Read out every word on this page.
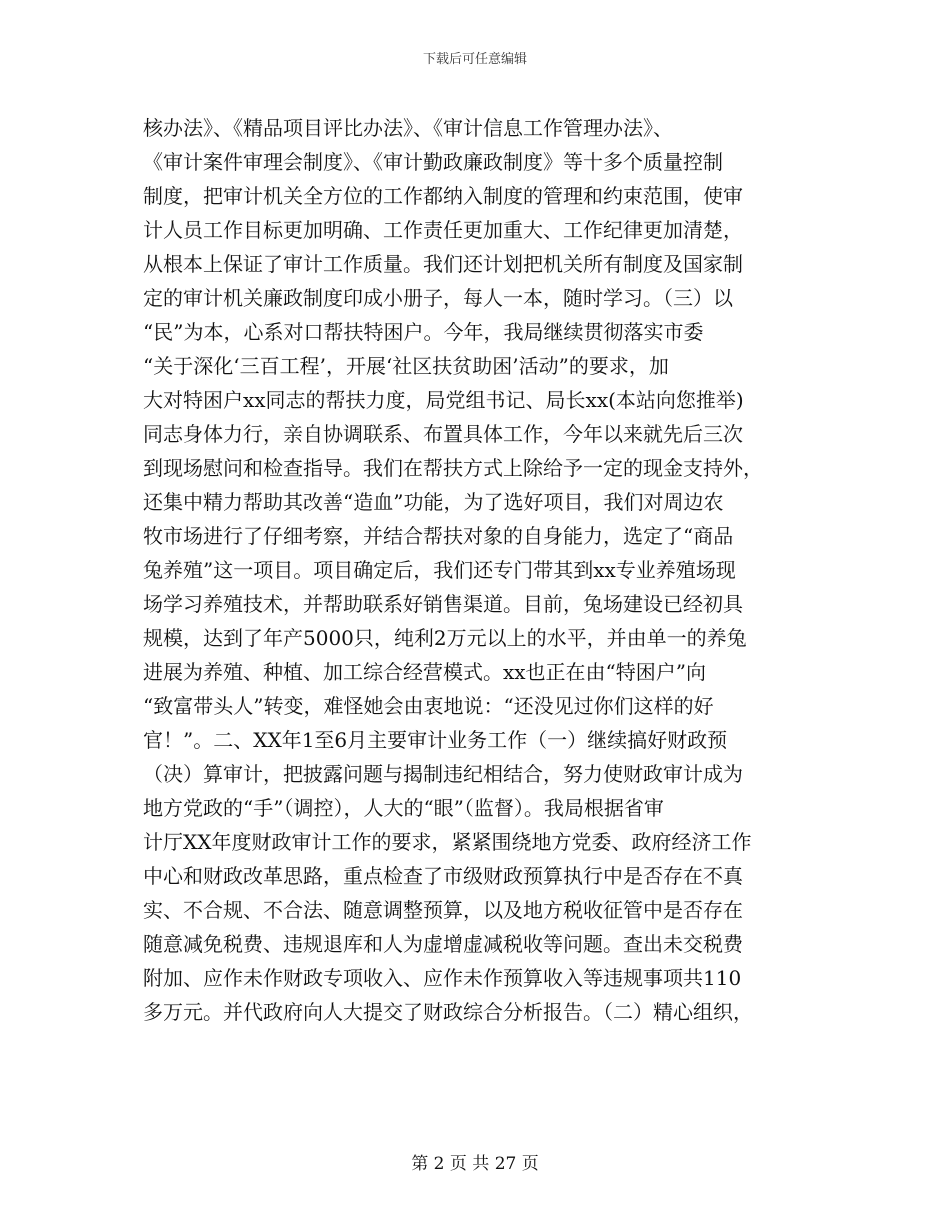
下载后可任意编辑
核办法》、《精品项目评比办法》、《审计信息工作管理办法》、
《审计案件审理会制度》、《审计勤政廉政制度》等十多个质量控制
制度，把审计机关全方位的工作都纳入制度的管理和约束范围，使审
计人员工作目标更加明确、工作责任更加重大、工作纪律更加清楚，
从根本上保证了审计工作质量。我们还计划把机关所有制度及国家制
定的审计机关廉政制度印成小册子，每人一本，随时学习。（三）以
“民”为本，心系对口帮扶特困户。今年，我局继续贯彻落实市委
“关于深化‘三百工程’，开展‘社区扶贫助困’活动”的要求，加
大对特困户xx同志的帮扶力度，局党组书记、局长xx(本站向您推举)
同志身体力行，亲自协调联系、布置具体工作，今年以来就先后三次
到现场慰问和检查指导。我们在帮扶方式上除给予一定的现金支持外，
还集中精力帮助其改善“造血”功能，为了选好项目，我们对周边农
牧市场进行了仔细考察，并结合帮扶对象的自身能力，选定了“商品
兔养殖”这一项目。项目确定后，我们还专门带其到xx专业养殖场现
场学习养殖技术，并帮助联系好销售渠道。目前，兔场建设已经初具
规模，达到了年产5000只，纯利2万元以上的水平，并由单一的养兔
进展为养殖、种植、加工综合经营模式。xx也正在由“特困户”向
“致富带头人”转变，难怪她会由衷地说：“还没见过你们这样的好
官！”。二、XX年1至6月主要审计业务工作（一）继续搞好财政预
（决）算审计，把披露问题与揭制违纪相结合，努力使财政审计成为
地方党政的“手”（调控），人大的“眼”（监督）。我局根据省审
计厅XX年度财政审计工作的要求，紧紧围绕地方党委、政府经济工作
中心和财政改革思路，重点检查了市级财政预算执行中是否存在不真
实、不合规、不合法、随意调整预算，以及地方税收征管中是否存在
随意减免税费、违规退库和人为虚增虚减税收等问题。查出未交税费
附加、应作未作财政专项收入、应作未作预算收入等违规事项共110
多万元。并代政府向人大提交了财政综合分析报告。（二）精心组织，
第 2 页 共 27 页
